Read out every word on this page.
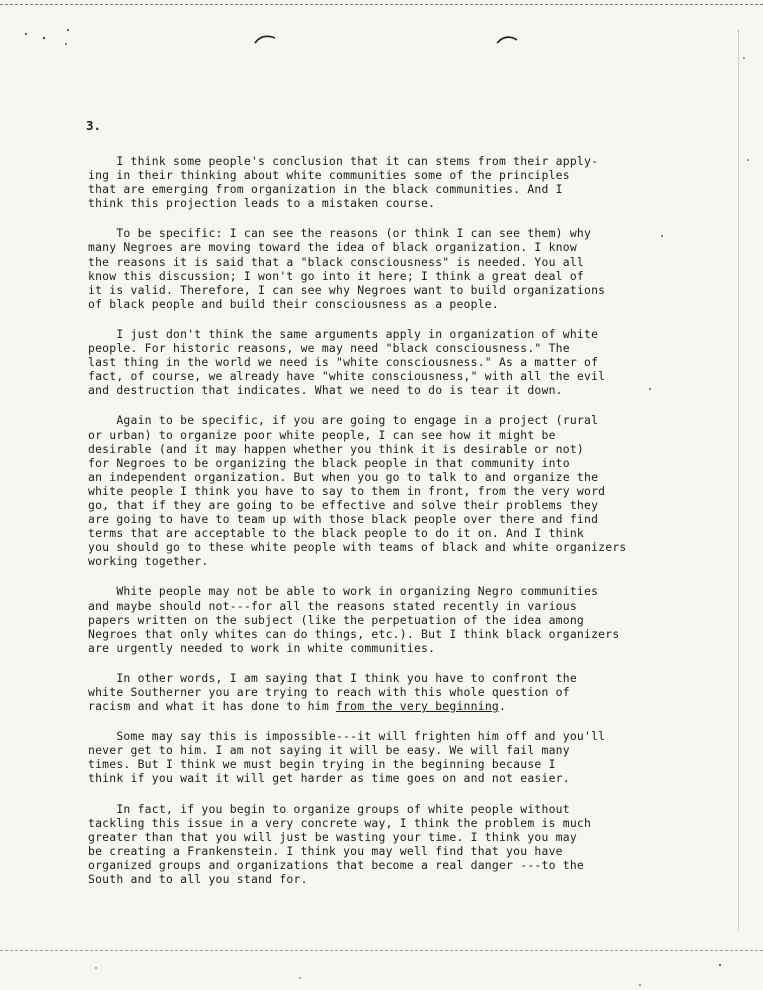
3.
I think some people's conclusion that it can stems from their apply-
ing in their thinking about white communities some of the principles
that are emerging from organization in the black communities. And I
think this projection leads to a mistaken course.
To be specific: I can see the reasons (or think I can see them) why
many Negroes are moving toward the idea of black organization. I know
the reasons it is said that a "black consciousness" is needed. You all
know this discussion; I won't go into it here; I think a great deal of
it is valid. Therefore, I can see why Negroes want to build organizations
of black people and build their consciousness as a people.
I just don't think the same arguments apply in organization of white
people. For historic reasons, we may need "black consciousness." The
last thing in the world we need is "white consciousness." As a matter of
fact, of course, we already have "white consciousness," with all the evil
and destruction that indicates. What we need to do is tear it down.
Again to be specific, if you are going to engage in a project (rural
or urban) to organize poor white people, I can see how it might be
desirable (and it may happen whether you think it is desirable or not)
for Negroes to be organizing the black people in that community into
an independent organization. But when you go to talk to and organize the
white people I think you have to say to them in front, from the very word
go, that if they are going to be effective and solve their problems they
are going to have to team up with those black people over there and find
terms that are acceptable to the black people to do it on. And I think
you should go to these white people with teams of black and white organizers
working together.
White people may not be able to work in organizing Negro communities
and maybe should not---for all the reasons stated recently in various
papers written on the subject (like the perpetuation of the idea among
Negroes that only whites can do things, etc.). But I think black organizers
are urgently needed to work in white communities.
In other words, I am saying that I think you have to confront the
white Southerner you are trying to reach with this whole question of
racism and what it has done to him from the very beginning.
Some may say this is impossible---it will frighten him off and you'll
never get to him. I am not saying it will be easy. We will fail many
times. But I think we must begin trying in the beginning because I
think if you wait it will get harder as time goes on and not easier.
In fact, if you begin to organize groups of white people without
tackling this issue in a very concrete way, I think the problem is much
greater than that you will just be wasting your time. I think you may
be creating a Frankenstein. I think you may well find that you have
organized groups and organizations that become a real danger ---to the
South and to all you stand for.
